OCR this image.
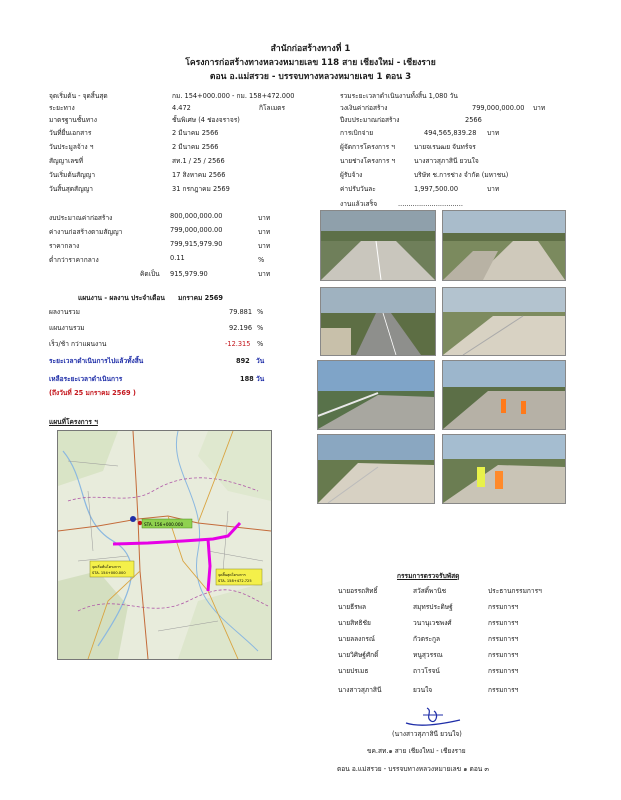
สำนักก่อสร้างทางที่ 1
โครงการก่อสร้างทางหลวงหมายเลข 118 สาย เชียงใหม่ - เชียงราย
ตอน อ.แม่สรวย - บรรจบทางหลวงหมายเลข 1 ตอน 3
จุดเริ่มต้น - จุดสิ้นสุด	กม. 154+000.000 - กม. 158+472.000
ระยะทาง	4.472	กิโลเมตร
มาตรฐานชั้นทาง	ชั้นพิเศษ (4 ช่องจราจร)
วันที่ยื่นเอกสาร	2 มีนาคม 2566
วันประมูลจ้าง ฯ	2 มีนาคม 2566
สัญญาเลขที่	สท.1 / 25 / 2566
วันเริ่มต้นสัญญา	17 สิงหาคม 2566
วันสิ้นสุดสัญญา	31 กรกฎาคม 2569
รวมระยะเวลาดำเนินงานทั้งสิ้น 1,080 วัน
วงเงินค่าก่อสร้าง	799,000,000.00 บาท
ปีงบประมาณก่อสร้าง	2566
การเบิกจ่าย	494,565,839.28 บาท
ผู้จัดการโครงการ ฯ	นายจเรนฒย จันทร์จร
นายช่างโครงการ ฯ	นางสาวสุภาสินี ยวนใจ
ผู้รับจ้าง	บริษัท ช.การช่าง จำกัด (มหาชน)
ค่าปรับวันละ	1,997,500.00	บาท
งานแล้วเสร็จ	...............................
งบประมาณค่าก่อสร้าง	800,000,000.00	บาท
ค่างานก่อสร้างตามสัญญา	799,000,000.00	บาท
ราคากลาง	799,915,979.90	บาท
ต่ำกว่าราคากลาง	0.11	%
คิดเป็น 915,979.90	บาท
แผนงาน - ผลงาน ประจำเดือน มกราคม 2569
ผลงานรวม	79.881 %
แผนงานรวม	92.196 %
เร็ว/ช้า กว่าแผนงาน	-12.315 %
ระยะเวลาดำเนินการไปแล้วทั้งสิ้น	892 วัน
เหลือระยะเวลาดำเนินการ	188 วัน
(ถึงวันที่ 25 มกราคม 2569 )
แผนที่โครงการ ฯ
STA. 156+000.000
จุดเริ่มต้นโครงการ
STA. 154+000.000	จุดสิ้นสุดโครงการ
STA. 158+472.725
กรรมการตรวจรับพัสดุ
นายอรรถสิทธิ์	สวัสดิ์พานิช	ประธานกรรมการฯ
นายธีรพล	สมุทรประดิษฐ์	กรรมการฯ
นายสิทธิชัย	วนานุเวชพงศ์	กรรมการฯ
นายลลงกรณ์	กัวตระกูล	กรรมการฯ
นายวิศิษฐ์ศักดิ์	หนูสุวรรณ	กรรมการฯ
นายปรเมธ	ถาวโรจน์	กรรมการฯ
นางสาวสุภาสินี	ยวนใจ	กรรมการฯ
(นางสาวสุภาสินี ยวนใจ)
ขค.สท.๑ สาย เชียงใหม่ - เชียงราย
ตอน อ.แม่สรวย - บรรจบทางหลวงหมายเลข ๑ ตอน ๓
